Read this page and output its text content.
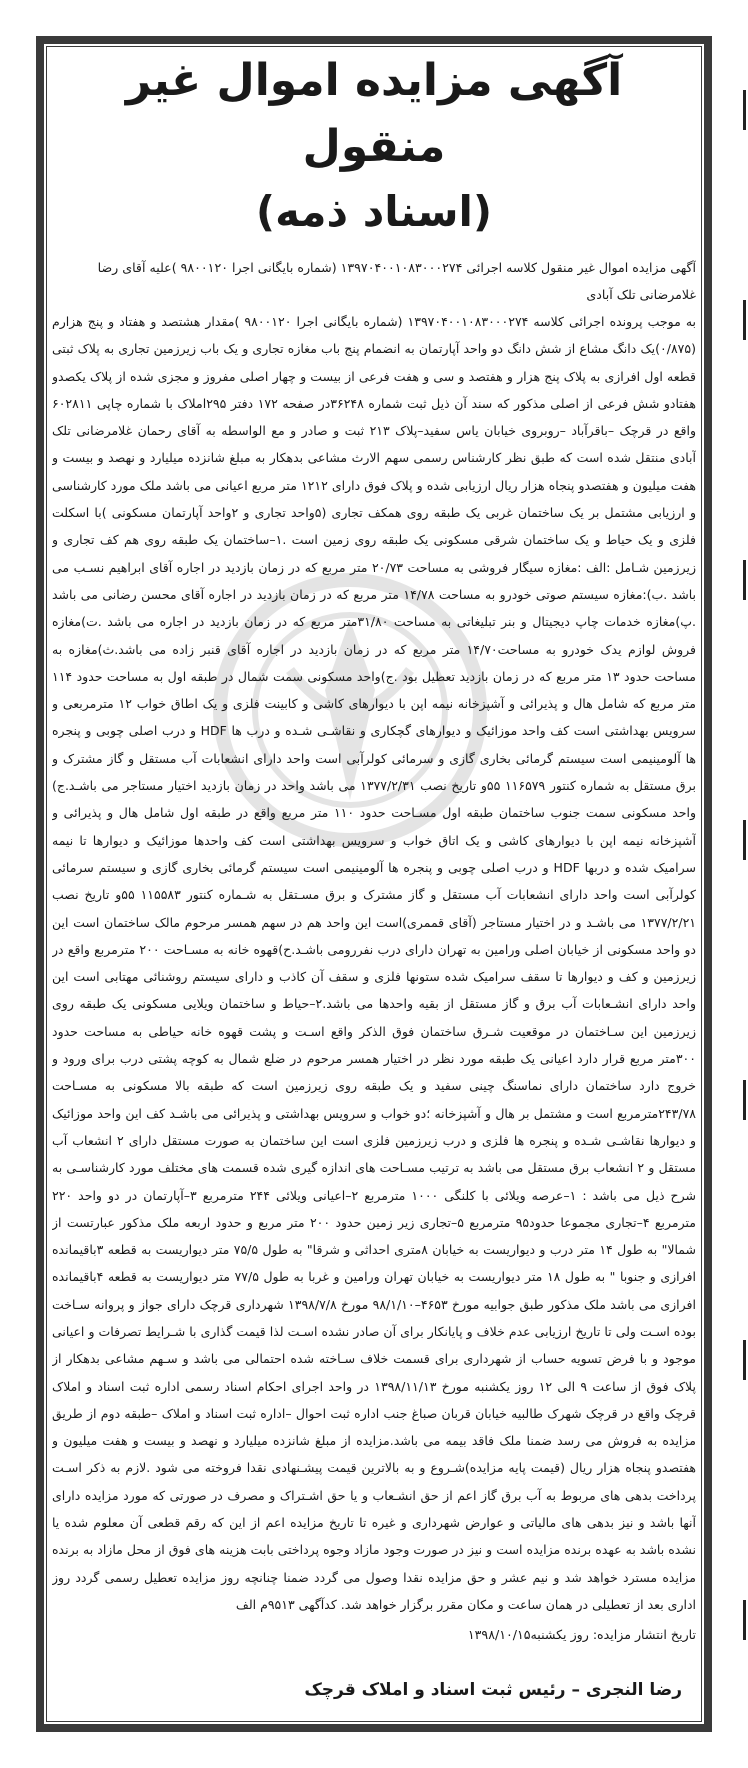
آگهی مزایده اموال غیر منقول
(اسناد ذمه)

آگهی مزایده اموال غیر منقول کلاسه اجرائی ۱۳۹۷۰۴۰۰۱۰۸۳۰۰۰۲۷۴ (شماره بایگانی اجرا ۹۸۰۰۱۲۰ )علیه آقای رضا غلامرضانی تلک آبادی

به موجب پرونده اجرائی کلاسه ۱۳۹۷۰۴۰۰۱۰۸۳۰۰۰۲۷۴ (شماره بایگانی اجرا ۹۸۰۰۱۲۰ )مقدار هشتصد و هفتاد و پنج هزارم (۰/۸۷۵)یک دانگ مشاع از شش دانگ دو واحد آپارتمان به انضمام پنج باب مغازه تجاری و یک باب زیرزمین تجاری به پلاک ثبتی قطعه اول افرازی به پلاک پنج هزار و هفتصد و سی و هفت فرعی از بیست و چهار اصلی مفروز و مجزی شده از پلاک یکصدو هفتادو شش فرعی از اصلی مذکور که سند آن ذیل ثبت شماره ۳۶۲۴۸در صفحه ۱۷۲ دفتر ۲۹۵املاک با شماره چاپی ۶۰۲۸۱۱ واقع در قرچک –باقرآباد –روبروی خیابان یاس سفید–پلاک ۲۱۳ ثبت و صادر و مع الواسطه به آقای رحمان غلامرضانی تلک آبادی منتقل شده است که طبق نظر کارشناس رسمی سهم الارث مشاعی بدهکار به مبلغ شانزده میلیارد و نهصد و بیست و هفت میلیون و هفتصدو پنجاه هزار ریال ارزیابی شده و پلاک فوق دارای ۱۲۱۲ متر مربع اعیانی می باشد ملک مورد کارشناسی و ارزیابی مشتمل بر یک ساختمان غربی یک طبقه روی همکف تجاری (۵واحد تجاری و ۲واحد آپارتمان مسکونی )با اسکلت فلزی و یک حیاط و یک ساختمان شرقی مسکونی یک طبقه روی زمین است .۱–ساختمان یک طبقه روی هم کف تجاری و زیرزمین شـامل :الف :مغازه سیگار فروشی به مساحت ۲۰/۷۳ متر مربع که در زمان بازدید در اجاره آقای ابراهیم نسـب می باشد .ب):مغازه سیستم صوتی خودرو به مساحت ۱۴/۷۸ متر مربع که در زمان بازدید در اجاره آقای محسن رضانی می باشد .پ)مغازه خدمات چاپ دیجیتال و بنر تبلیغاتی به مساحت ۳۱/۸۰متر مربع که در زمان بازدید در اجاره می باشد .ت)مغازه فروش لوازم یدک خودرو به مساحت۱۴/۷۰ متر مربع که در زمان بازدید در اجاره آقای قنبر زاده می باشد.ث)مغازه به مساحت حدود ۱۳ متر مربع که در زمان بازدید تعطیل بود .ج)واحد مسکونی سمت شمال در طبقه اول به مساحت حدود ۱۱۴ متر مربع که شامل هال و پذیرائی و آشپزخانه نیمه اپن با دیوارهای کاشی و کابینت فلزی و یک اطاق خواب ۱۲ مترمربعی و سرویس بهداشتی است کف واحد موزائیک و دیوارهای گچکاری و نقاشـی شـده و درب ها HDF و درب اصلی چوبی و پنجره ها آلومینیمی است سیستم گرمائی بخاری گازی و سرمائی کولرآبی است واحد دارای انشعابات آب مستقل و گاز مشترک و برق مستقل به شماره کنتور ۱۱۶۵۷۹ ۵۵و تاریخ نصب ۱۳۷۷/۲/۳۱ می باشد واحد در زمان بازدید اختیار مستاجر می باشـد.ج) واحد مسکونی سمت جنوب ساختمان طبقه اول مسـاحت حدود ۱۱۰ متر مربع واقع در طبقه اول شامل هال و پذیرائی و آشپزخانه نیمه اپن با دیوارهای کاشی و یک اتاق خواب و سرویس بهداشتی است کف واحدها موزائیک و دیوارها تا نیمه سرامیک شده و دربها HDF و درب اصلی چوبی و پنجره ها آلومینیمی است سیستم گرمائی بخاری گازی و سیستم سرمائی کولرآبی است واحد دارای انشعابات آب مستقل و گاز مشترک و برق مسـتقل به شـماره کنتور ۱۱۵۵۸۳ ۵۵و تاریخ نصب ۱۳۷۷/۲/۲۱ می باشـد و در اختیار مستاجر (آقای قممری)است این واحد هم در سهم همسر مرحوم مالک ساختمان است این دو واحد مسکونی از خیابان اصلی ورامین به تهران دارای درب نفررومی باشـد.ح)قهوه خانه به مسـاحت ۲۰۰ مترمربع واقع در زیرزمین و کف و دیوارها تا سقف سرامیک شده ستونها فلزی و سقف آن کاذب و دارای سیستم روشنائی مهتابی است این واحد دارای انشـعابات آب برق و گاز مستقل از بقیه واحدها می باشد.۲–حیاط و ساختمان ویلایی مسکونی یک طبقه روی زیرزمین این سـاختمان در موقعیت شـرق ساختمان فوق الذکر واقع اسـت و پشت قهوه خانه حیاطی به مساحت حدود ۳۰۰متر مربع قرار دارد اعیانی یک طبقه مورد نظر در اختیار همسر مرحوم در ضلع شمال به کوچه پشتی درب برای ورود و خروج دارد ساختمان دارای نماسنگ چینی سفید و یک طبقه روی زیرزمین است که طبقه بالا مسکونی به مسـاحت ۲۴۳/۷۸مترمربع است و مشتمل بر هال و آشپزخانه ؛دو خواب و سرویس بهداشتی و پذیرائی می باشـد کف این واحد موزائیک و دیوارها نقاشـی شـده و پنجره ها فلزی و درب زیرزمین فلزی است این ساختمان به صورت مستقل دارای ۲ انشعاب آب مستقل و ۲ انشعاب برق مستقل می باشد به ترتیب مسـاحت های اندازه گیری شده قسمت های مختلف مورد کارشناسـی به شرح ذیل می باشد : ۱–عرصه ویلائی با کلنگی ۱۰۰۰ مترمربع ۲–اعیانی ویلائی ۲۴۴ مترمربع ۳–آپارتمان در دو واحد ۲۲۰ مترمربع ۴–تجاری مجموعا حدود۹۵ مترمربع ۵–تجاری زیر زمین حدود ۲۰۰ متر مربع و حدود اربعه ملک مذکور عبارتست از شمالا" به طول ۱۴ متر درب و دیواریست به خیابان ۸متری احداثی و شرقا" به طول ۷۵/۵ متر دیواریست به قطعه ۳باقیمانده افرازی و جنوبا " به طول ۱۸ متر دیواریست به خیابان تهران ورامین و غربا به طول ۷۷/۵ متر دیواریست به قطعه ۴باقیمانده افرازی می باشد ملک مذکور طبق جوابیه مورخ ۴۶۵۳–۹۸/۱/۱۰ مورخ ۱۳۹۸/۷/۸ شهرداری قرچک دارای جواز و پروانه سـاخت بوده اسـت ولی تا تاریخ ارزیابی عدم خلاف و پایانکار برای آن صادر نشده اسـت لذا قیمت گذاری با شـرایط تصرفات و اعیانی موجود و با فرض تسویه حساب از شهرداری برای قسمت خلاف سـاخته شده احتمالی می باشد و سـهم مشاعی بدهکار از پلاک فوق از ساعت ۹ الی ۱۲ روز یکشنبه مورخ ۱۳۹۸/۱۱/۱۳ در واحد اجرای احکام اسناد رسمی اداره ثبت اسناد و املاک قرچک واقع در قرچک شهرک طالبیه خیابان قربان صباغ جنب اداره ثبت احوال –اداره ثبت اسناد و املاک –طبقه دوم از طریق مزایده به فروش می رسد ضمنا ملک فاقد بیمه می باشد.مزایده از مبلغ شانزده میلیارد و نهصد و بیست و هفت میلیون و هفتصدو پنجاه هزار ریال (قیمت پایه مزایده)شـروع و به بالاترین قیمت پیشـنهادی نقدا فروخته می شود .لازم به ذکر اسـت پرداخت بدهی های مربوط به آب برق گاز اعم از حق انشـعاب و یا حق اشـتراک و مصرف در صورتی که مورد مزایده دارای آنها باشد و نیز بدهی های مالیاتی و عوارض شهرداری و غیره تا تاریخ مزایده اعم از این که رقم قطعی آن معلوم شده یا نشده باشد به عهده برنده مزایده است و نیز در صورت وجود مازاد وجوه پرداختی بابت هزینه های فوق از محل مازاد به برنده مزایده مسترد خواهد شد و نیم عشر و حق مزایده نقدا وصول می گردد ضمنا چنانچه روز مزایده تعطیل رسمی گردد روز اداری بعد از تعطیلی در همان ساعت و مکان مقرر برگزار خواهد شد. کدآگهی ۹۵۱۳م الف

تاریخ انتشار مزایده: روز یکشنبه۱۳۹۸/۱۰/۱۵

رضا النجری – رئیس ثبت اسناد و املاک قرچک
